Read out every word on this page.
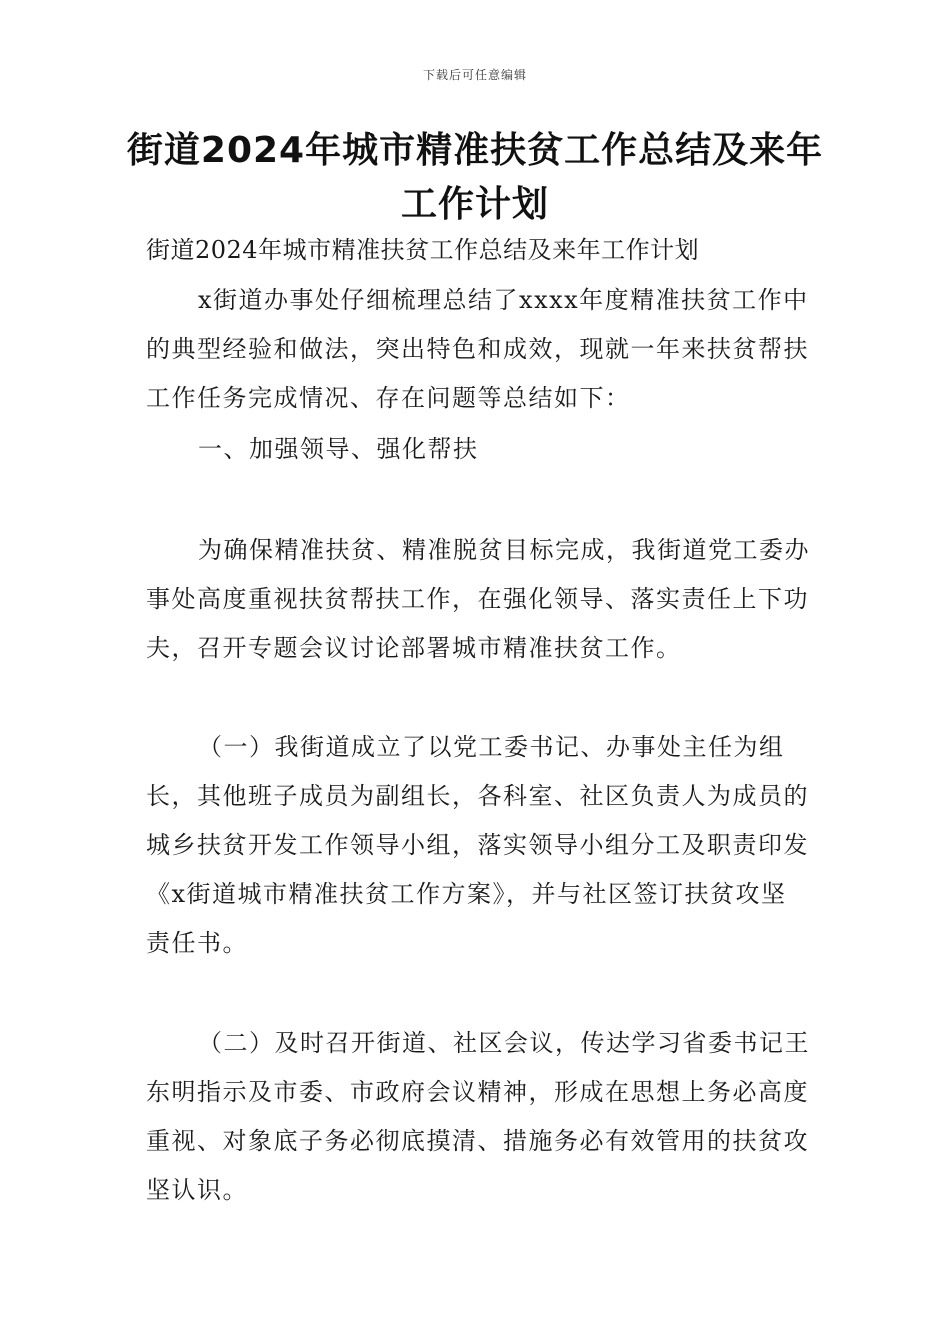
下载后可任意编辑
街道2024年城市精准扶贫工作总结及来年工作计划

街道2024年城市精准扶贫工作总结及来年工作计划

x街道办事处仔细梳理总结了xxxx年度精准扶贫工作中的典型经验和做法，突出特色和成效，现就一年来扶贫帮扶工作任务完成情况、存在问题等总结如下：

一、加强领导、强化帮扶

为确保精准扶贫、精准脱贫目标完成，我街道党工委办事处高度重视扶贫帮扶工作，在强化领导、落实责任上下功夫，召开专题会议讨论部署城市精准扶贫工作。

（一）我街道成立了以党工委书记、办事处主任为组长，其他班子成员为副组长，各科室、社区负责人为成员的城乡扶贫开发工作领导小组，落实领导小组分工及职责印发《x街道城市精准扶贫工作方案》，并与社区签订扶贫攻坚责任书。

（二）及时召开街道、社区会议，传达学习省委书记王东明指示及市委、市政府会议精神，形成在思想上务必高度重视、对象底子务必彻底摸清、措施务必有效管用的扶贫攻坚认识。
